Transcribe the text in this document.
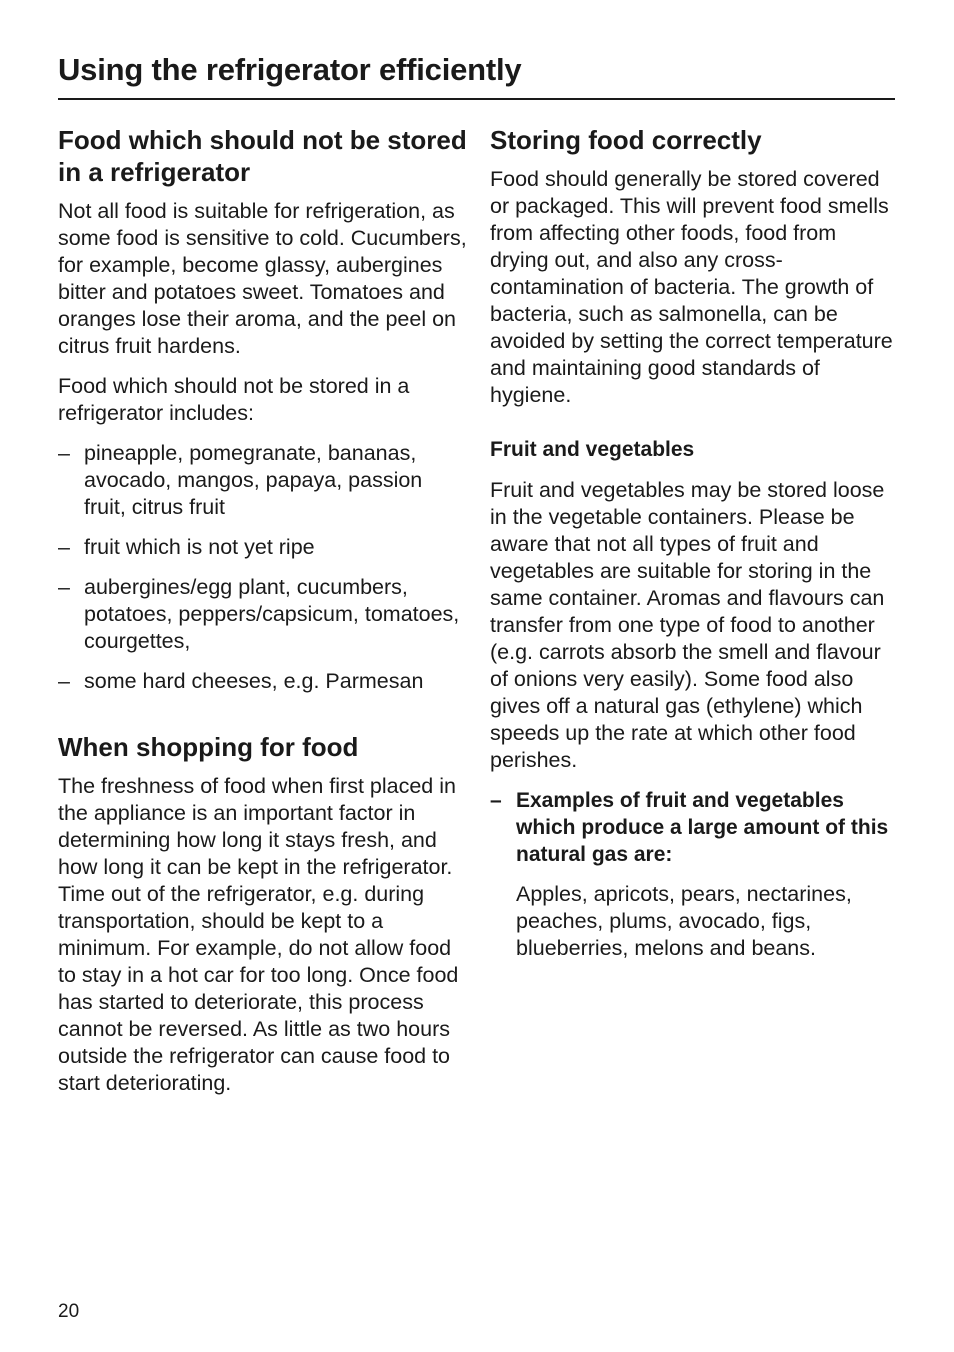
Using the refrigerator efficiently
Food which should not be stored in a refrigerator

Not all food is suitable for refrigeration, as some food is sensitive to cold. Cucumbers, for example, become glassy, aubergines bitter and potatoes sweet. Tomatoes and oranges lose their aroma, and the peel on citrus fruit hardens.

Food which should not be stored in a refrigerator includes:

– pineapple, pomegranate, bananas, avocado, mangos, papaya, passion fruit, citrus fruit
– fruit which is not yet ripe
– aubergines/egg plant, cucumbers, potatoes, peppers/capsicum, tomatoes, courgettes,
– some hard cheeses, e.g. Parmesan
When shopping for food

The freshness of food when first placed in the appliance is an important factor in determining how long it stays fresh, and how long it can be kept in the refrigerator. Time out of the refrigerator, e.g. during transportation, should be kept to a minimum. For example, do not allow food to stay in a hot car for too long. Once food has started to deteriorate, this process cannot be reversed. As little as two hours outside the refrigerator can cause food to start deteriorating.

Storing food correctly

Food should generally be stored covered or packaged. This will prevent food smells from affecting other foods, food from drying out, and also any cross-contamination of bacteria. The growth of bacteria, such as salmonella, can be avoided by setting the correct temperature and maintaining good standards of hygiene.

Fruit and vegetables

Fruit and vegetables may be stored loose in the vegetable containers. Please be aware that not all types of fruit and vegetables are suitable for storing in the same container. Aromas and flavours can transfer from one type of food to another (e.g. carrots absorb the smell and flavour of onions very easily). Some food also gives off a natural gas (ethylene) which speeds up the rate at which other food perishes.

– Examples of fruit and vegetables which produce a large amount of this natural gas are:

Apples, apricots, pears, nectarines, peaches, plums, avocado, figs, blueberries, melons and beans.

20
